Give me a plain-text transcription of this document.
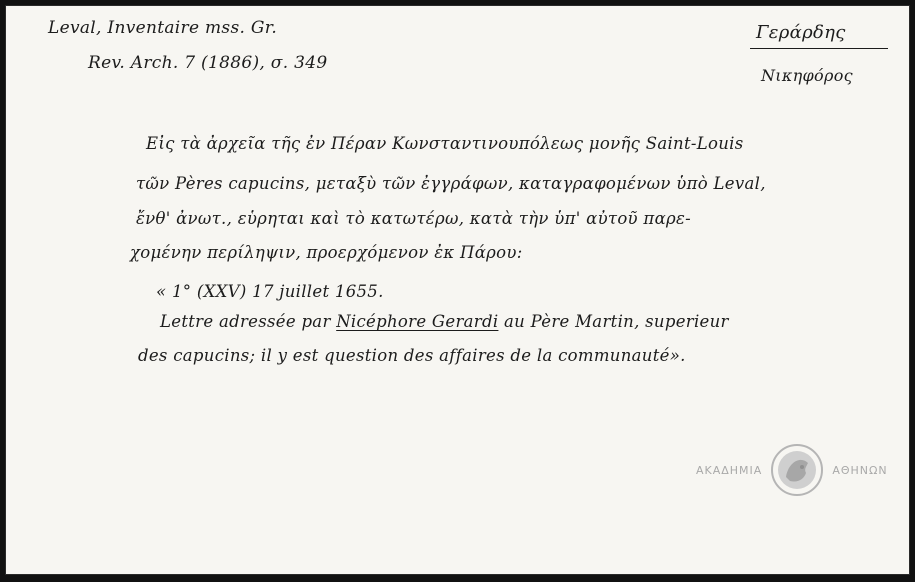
Leval, Inventaire mss. Gr.
Rev. Arch. 7 (1886), σ. 349
Γεράρδης
Νικηφόρος
Εἰς τὰ ἀρχεῖα τῆς ἐν Πέραν Κωνσταντινουπόλεως μονῆς Saint-Louis
τῶν Pères capucins, μεταξὺ τῶν ἐγγράφων, καταγραφομένων ὑπὸ Leval,
ἔνθ' ἀνωτ., εὑρηται καὶ τὸ κατωτέρω, κατὰ τὴν ὑπ' αὐτοῦ παρε-
χομένην περίληψιν, προερχόμενον ἐκ Πάρου:
« 1° (XXV) 17 juillet 1655.
Lettre adressée par Nicéphore Gerardi au Père Martin, superieur
des capucins; il y est question des affaires de la communauté».
ΑΚΑΔΗΜΙΑ	ΑΘΗΝΩΝ
